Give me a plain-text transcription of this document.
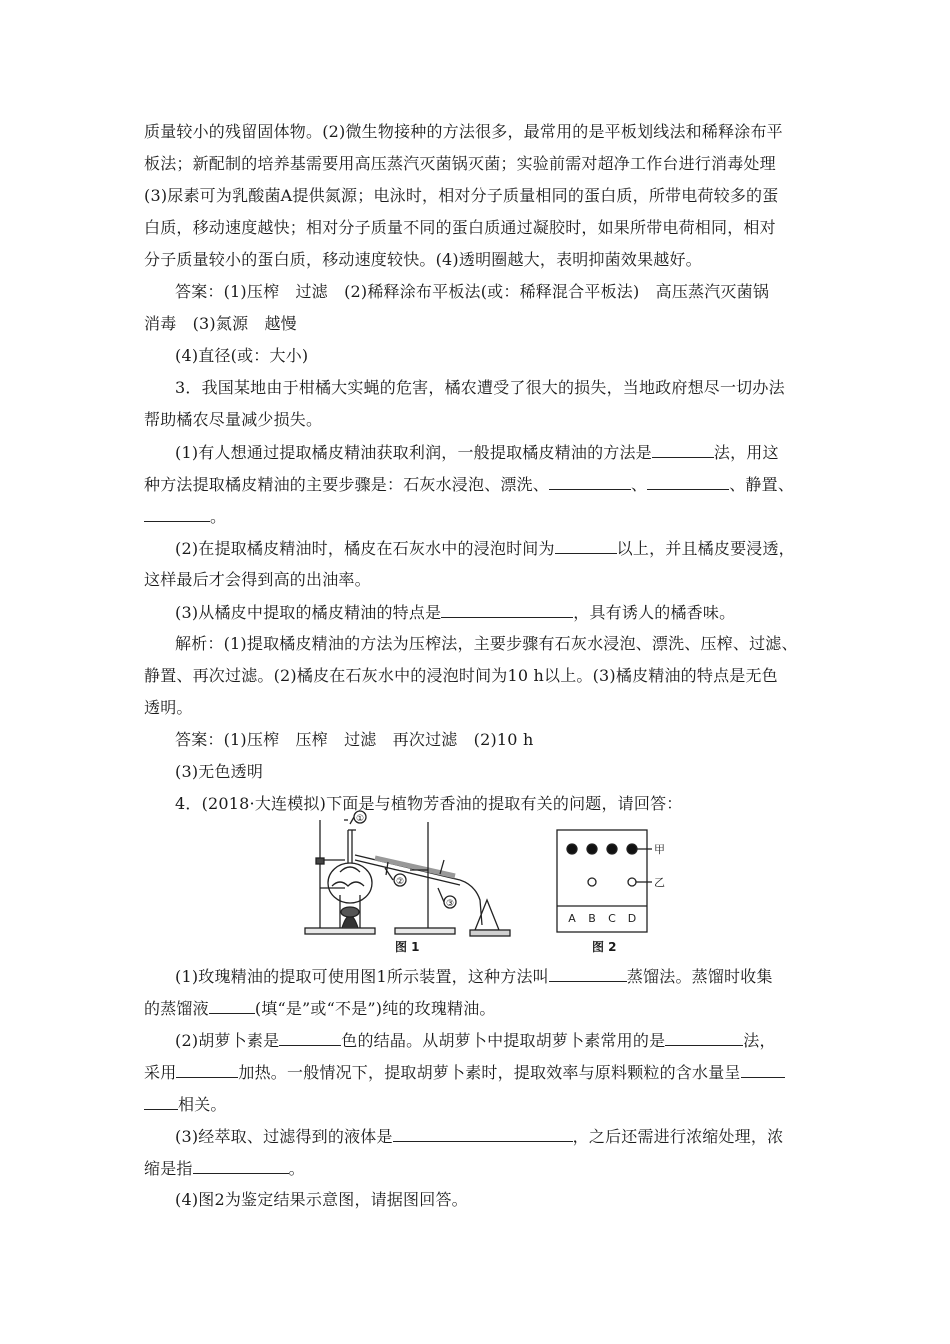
质量较小的残留固体物。(2)微生物接种的方法很多，最常用的是平板划线法和稀释涂布平
板法；新配制的培养基需要用高压蒸汽灭菌锅灭菌；实验前需对超净工作台进行消毒处理
(3)尿素可为乳酸菌A提供氮源；电泳时，相对分子质量相同的蛋白质，所带电荷较多的蛋
白质，移动速度越快；相对分子质量不同的蛋白质通过凝胶时，如果所带电荷相同，相对
分子质量较小的蛋白质，移动速度较快。(4)透明圈越大，表明抑菌效果越好。
答案：(1)压榨　过滤　(2)稀释涂布平板法(或：稀释混合平板法)　高压蒸汽灭菌锅
消毒　(3)氮源　越慢
(4)直径(或：大小)
3．我国某地由于柑橘大实蝇的危害，橘农遭受了很大的损失，当地政府想尽一切办法
帮助橘农尽量减少损失。
(1)有人想通过提取橘皮精油获取利润，一般提取橘皮精油的方法是	法，用这
种方法提取橘皮精油的主要步骤是：石灰水浸泡、漂洗、	、	、静置、
。
(2)在提取橘皮精油时，橘皮在石灰水中的浸泡时间为	以上，并且橘皮要浸透，
这样最后才会得到高的出油率。
(3)从橘皮中提取的橘皮精油的特点是	，具有诱人的橘香味。
解析：(1)提取橘皮精油的方法为压榨法，主要步骤有石灰水浸泡、漂洗、压榨、过滤、
静置、再次过滤。(2)橘皮在石灰水中的浸泡时间为10 h以上。(3)橘皮精油的特点是无色
透明。
答案：(1)压榨　压榨　过滤　再次过滤　(2)10 h
(3)无色透明
4．(2018·大连模拟)下面是与植物芳香油的提取有关的问题，请回答：
①
②
③
甲
乙
A B C D
图 1	图 2
(1)玫瑰精油的提取可使用图1所示装置，这种方法叫	蒸馏法。蒸馏时收集
的蒸馏液	(填“是”或“不是”)纯的玫瑰精油。
(2)胡萝卜素是	色的结晶。从胡萝卜中提取胡萝卜素常用的是	法，
采用	加热。一般情况下，提取胡萝卜素时，提取效率与原料颗粒的含水量呈
相关。
(3)经萃取、过滤得到的液体是	，之后还需进行浓缩处理，浓
缩是指	。
(4)图2为鉴定结果示意图，请据图回答。
